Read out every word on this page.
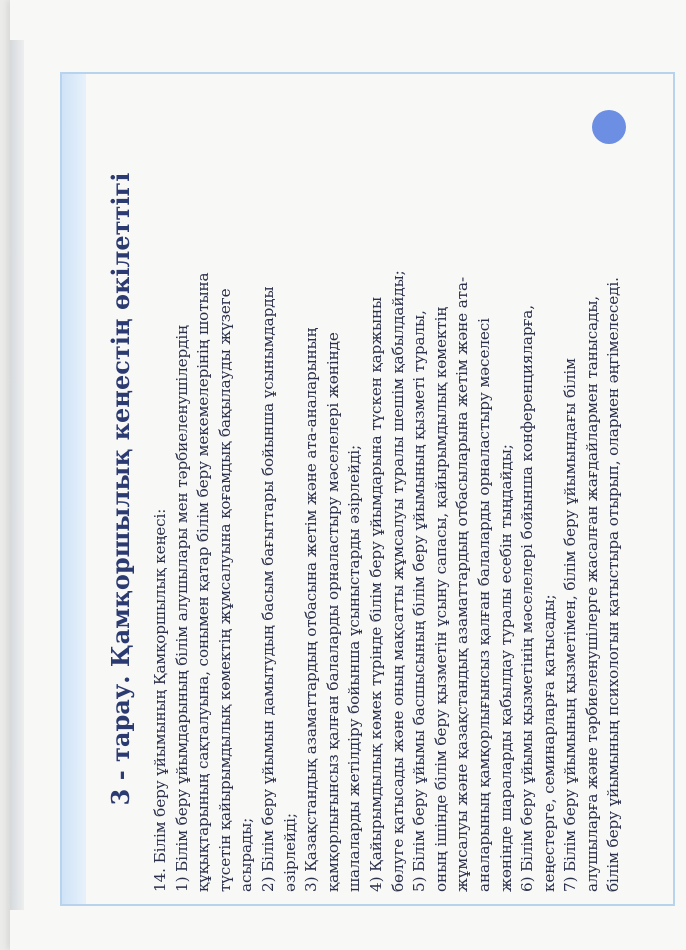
3 - тарау. Қамқоршылық кеңестің өкілеттігі	14. Білім беру ұйымының Қамқоршылық кеңесі: 1) Білім беру ұйымдарының білім алушылары мен тәрбиеленушілердің құқықтарының сақталуына, сонымен қатар білім беру мекемелерінің шотына түсетін қайырымдылық көмектің жұмсалуына қоғамдық бақылауды жүзеге асырады; 2) Білім беру ұйымын дамытудың басым бағыттары бойынша ұсынымдарды әзірлейді; 3) Қазақстандық азаматтардың отбасына жетім және ата-аналарының қамқорлығынсыз қалған балаларды орналастыру мәселелері жөнінде шалаларды жетілдіру бойынша ұсыныстарды әзірлейді; 4) Қайырымдылық көмек түрінде білім беру ұйымдарына түскен қаржыны бөлуге қатысады және оның мақсатты жұмсалуы туралы шешім қабылдайды; 5) Білім беру ұйымы басшысының білім беру ұйымының қызметі туралы, оның ішінде білім беру қызметін ұсыну сапасы, қайырымдылық көмектің жұмсалуы және қазақстандық азаматтардың отбасыларына жетім және ата- аналарының қамқорлығынсыз қалған балаларды орналастыру мәселесі жөнінде шараларды қабылдау туралы есебін тыңдайды; 6) Білім беру ұйымы қызметінің мәселелері бойынша конференцияларға, кеңестерге, семинарларға қатысады; 7) Білім беру ұйымының қызметімен, білім беру ұйымындағы білім алушыларға және тәрбиеленушілерге жасалған жағдайлармен танысады, білім беру ұйымының психологын қатыстыра отырып, олармен әңгімелеседі.
